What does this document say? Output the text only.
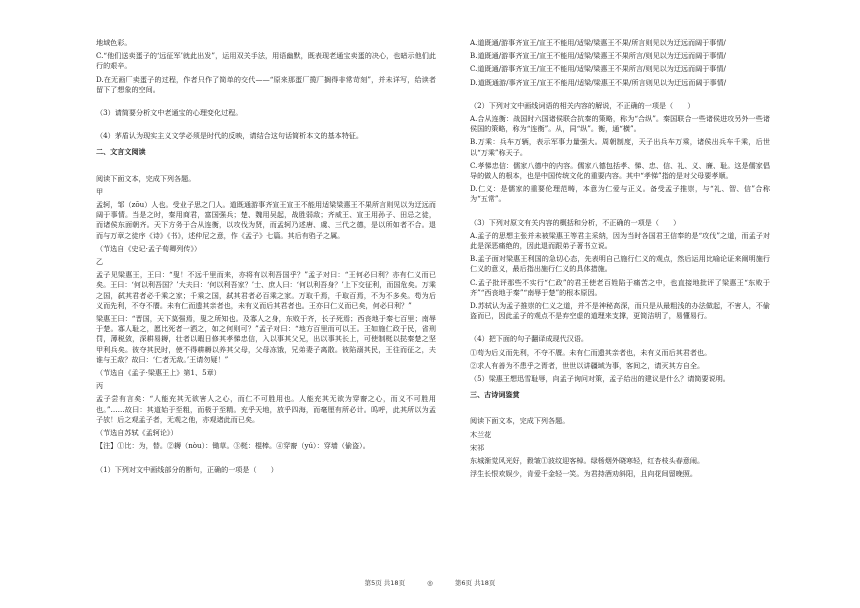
地域色彩。

C.“他们送卖蛋子的‘远征军’就此出发”，运用双关手法，用语幽默，既表现老通宝卖蛋的决心，也暗示他们此行的艰辛。

D.在无画厂卖蛋子的过程，作者只作了简单的交代——“原来那蛋厂揽厂搁得非常苛刻”，并未详写，给读者留下了想象的空间。

（3）请简要分析文中老通宝的心理变化过程。

（4）茅盾认为现实主义文学必须是时代的反映，请结合这句话简析本文的基本特征。

二、文言文阅读

阅读下面文本，完成下列各题。

甲

孟轲，邹（zōu）人也。受业子思之门人。道既通游事齐宣王宣王不能用适梁梁惠王不果所言则见以为迂远而阔于事情。当是之时，秦用商君，富国强兵；楚、魏用吴起，战胜弱敌；齐威王、宣王用孙子、田忌之徒，而诸侯东面朝齐。天下方务于合从连衡，以攻伐为贤，而孟轲乃述唐、虞、三代之德，是以所如者不合。退而与万章之徒序《诗》《书》，述仲尼之意，作《孟子》七篇。其后有驺子之属。

（节选自《史记·孟子荀卿列传》）

乙

孟子见梁惠王，王曰：“叟！不远千里而来，亦将有以利吾国乎？”孟子对曰：“王何必曰利？亦有仁义而已矣。王曰：‘何以利吾国？’大夫曰：‘何以利吾家？’士、庶人曰：‘何以利吾身？’上下交征利，而国危矣。万乘之国，弑其君者必千乘之家；千乘之国，弑其君者必百乘之家。万取千焉，千取百焉，不为不多矣。苟为后义而先利，不夺不餍。未有仁而遗其亲者也，未有义而后其君者也。王亦曰仁义而已矣，何必曰利？”

梁惠王曰：“晋国，天下莫强焉，叟之所知也。及寡人之身，东败于齐，长子死焉；西丧地于秦七百里；南辱于楚。寡人耻之，愿比死者一洒之，如之何则可？”孟子对曰：“地方百里而可以王。王如施仁政于民，省刑罚，薄税敛，深耕易耨，壮者以暇日修其孝悌忠信，入以事其父兄，出以事其长上，可使制梃以挞秦楚之坚甲利兵矣。彼夺其民时，使不得耕耨以养其父母，父母冻饿，兄弟妻子离散。彼陷溺其民，王往而征之，夫谁与王敌？故曰：‘仁者无敌。’王请勿疑！”

（节选自《孟子·梁惠王上》第1、5章）

丙

孟子尝有言矣：“人能充其无欲害人之心，而仁不可胜用也。人能充其无欲为穿窬之心，而义不可胜用也。”……故曰：其道始于至粗，而极于至精。充乎天地，放乎四海，而毫厘有所必计。呜呼，此其所以为孟子欤！后之观孟子者，无观之他，亦观诸此而已矣。

（节选自苏轼《孟轲论》）

【注】①比：为，替。②耨（nòu）：锄草。③梃：棍棒。④穿窬（yú）：穿墙（偷盗）。

（1）下列对文中画线部分的断句，正确的一项是（　　）

A.道既通/游事齐宣王/宣王不能用/适梁/梁惠王不果/所言则见以为迂远而阔于事情/

B.道既通/游事齐宣王/宣王不能用/适梁/梁惠王不果所言/则见以为迂远而阔于事情/

C.道既通/游事齐宣王/宣王不能用/适梁/梁惠王不果所言/则见以为迂远而阔于事情/

D.道既通游/事齐宣王/宣王不能用/适梁/梁惠王不果/所言则见以为迂远而阔于事情/

（2）下列对文中画线词语的相关内容的解说，不正确的一项是（　　）

A.合从连衡：战国时六国诸侯联合抗秦的策略，称为“合纵”。秦国联合一些诸侯进攻另外一些诸侯国的策略，称为“连衡”。从，同“纵”。衡，通“横”。

B.万乘：兵车万辆，表示军事力量强大。周朝制度，天子出兵车万乘，诸侯出兵车千乘，后世以“万乘”称天子。

C.孝悌忠信：儒家八德中的内容。儒家八德包括孝、悌、忠、信、礼、义、廉、耻。这是儒家倡导的做人的根本，也是中国传统文化的重要内容。其中“孝悌”指的是对父母要孝顺。

D.仁义：是儒家的重要伦理范畴，本意为仁爱与正义。备受孟子推崇，与“礼、智、信”合称为“五常”。

（3）下列对原文有关内容的概括和分析，不正确的一项是（　　）

A.孟子的思想主张并未被梁惠王等君主采纳，因为当时各国君王信奉的是“攻伐”之道，而孟子对此是深恶痛绝的，因此退而跟弟子著书立说。

B.孟子面对梁惠王利国的急切心态，先表明自己施行仁义的观点，然后运用比喻论证来阐明施行仁义的意义，最后指出施行仁义的具体措施。

C.孟子批评那些不实行“仁政”的君王使老百姓陷于痛苦之中，也直接地批评了梁惠王“东败于齐”“西丧地于秦”“南辱于楚”的根本原因。

D.苏轼认为孟子推崇的仁义之道，并不是神秘高深，而只是从最粗浅的办法做起，不害人，不偷盗而已，因此孟子的观点不是弃空虚的道理来支撑，更简洁明了，易懂易行。

（4）把下面的句子翻译成现代汉语。

①苟为后义而先利，不夺不餍。未有仁而遗其亲者也，未有义而后其君者也。

②求人有善为不患乎之胥者，世世以讲疆域为事，客间之，请灭其方自全。

（5）梁惠王想迅雪耻辱，向孟子询问对策，孟子给出的建议是什么？请简要说明。

三、古诗词鉴赏

阅读下面文本，完成下列各题。

木兰花

宋祁

东城渐觉风光好，縠皱①波纹迎客棹。绿杨烟外晓寒轻，红杏枝头春意闹。

浮生长恨欢娱少，肯爱千金轻一笑。为君持酒劝斜阳，且向花间留晚照。

第5页 共18页	◎	第6页 共18页
